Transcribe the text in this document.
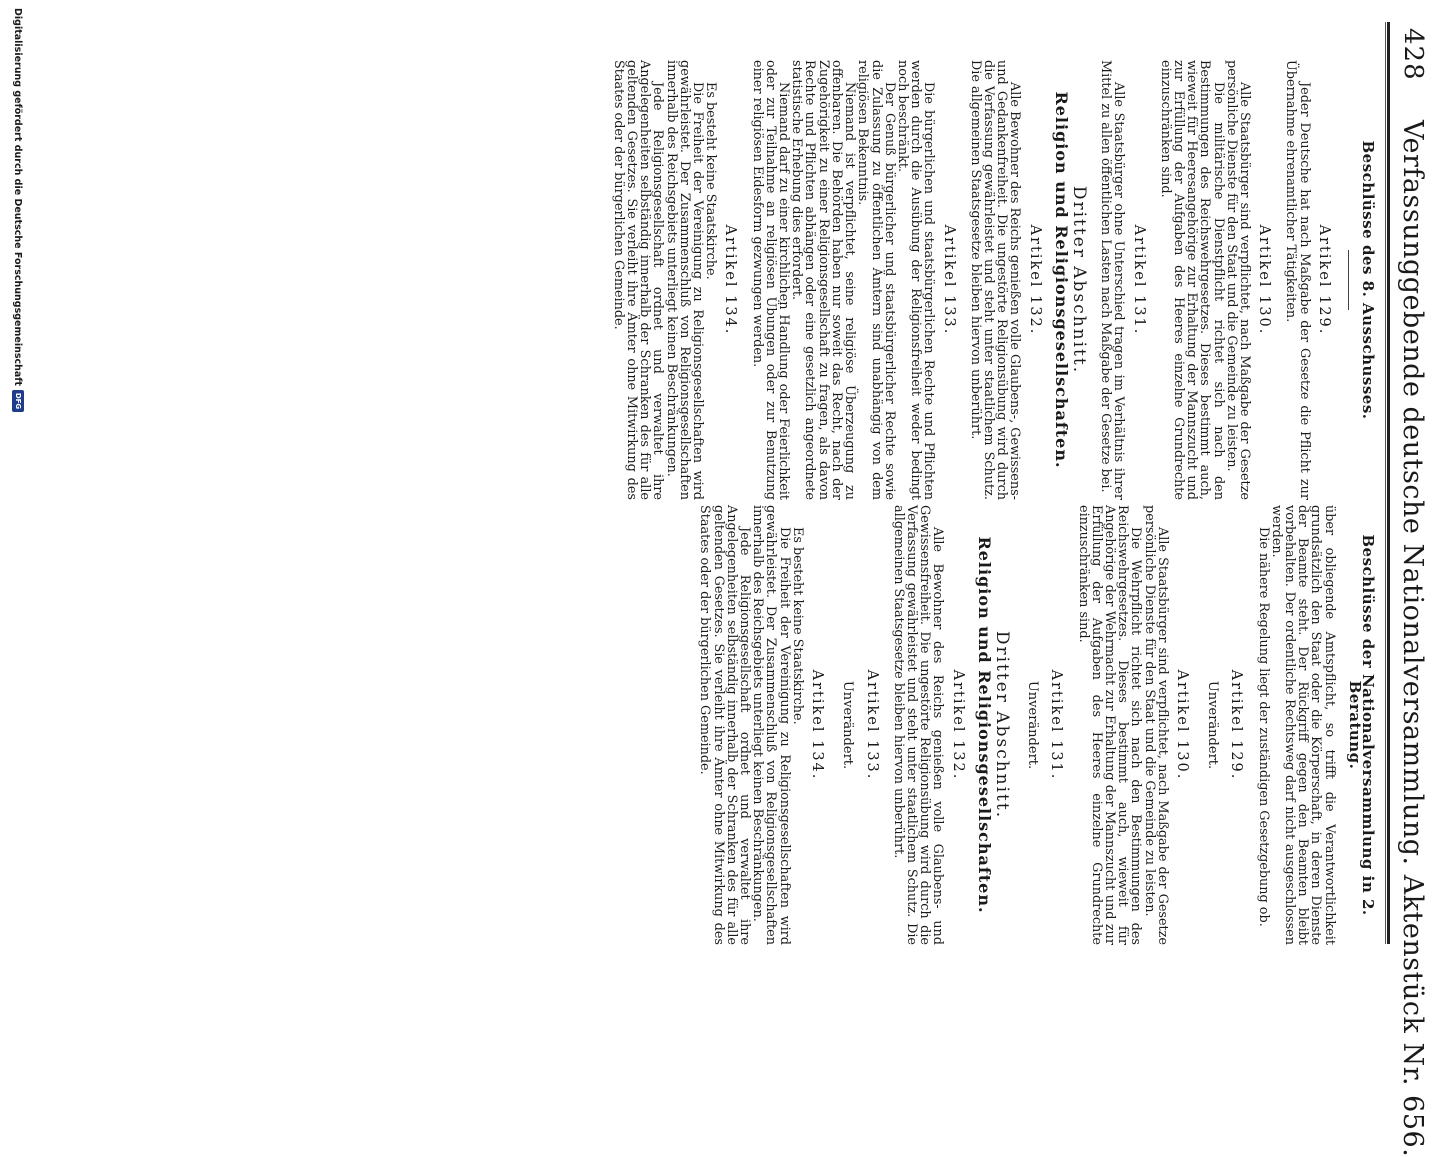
428
Verfassunggebende deutsche Nationalversammlung. Aktenstück Nr. 656.
Beschlüsse des 8. Ausschusses.
Artikel 129.

Jeder Deutsche hat nach Maßgabe der Gesetze die Pflicht zur Übernahme ehrenamtlicher Tätigkeiten.

Artikel 130.

Alle Staatsbürger sind verpflichtet, nach Maßgabe der Gesetze persönliche Dienste für den Staat und die Gemeinde zu leisten.

Die militärische Dienstpflicht richtet sich nach den Bestimmungen des Reichswehrgesetzes. Dieses bestimmt auch, wieweit für Heeresangehörige zur Erhaltung der Mannszucht und zur Erfüllung der Aufgaben des Heeres einzelne Grundrechte einzuschränken sind.

Artikel 131.

Alle Staatsbürger ohne Unterschied tragen im Verhältnis ihrer Mittel zu allen öffentlichen Lasten nach Maßgabe der Gesetze bei.

Dritter Abschnitt.
Religion und Religionsgesellschaften.
Artikel 132.

Alle Bewohner des Reichs genießen volle Glaubens-, Gewissens- und Gedankenfreiheit. Die ungestörte Religionsübung wird durch die Verfassung gewährleistet und steht unter staatlichem Schutz. Die allgemeinen Staatsgesetze bleiben hiervon unberührt.

Artikel 133.

Die bürgerlichen und staatsbürgerlichen Rechte und Pflichten werden durch die Ausübung der Religionsfreiheit weder bedingt noch beschränkt.

Der Genuß bürgerlicher und staatsbürgerlicher Rechte sowie die Zulassung zu öffentlichen Ämtern sind unabhängig von dem religiösen Bekenntnis.

Niemand ist verpflichtet, seine religiöse Überzeugung zu offenbaren. Die Behörden haben nur soweit das Recht, nach der Zugehörigkeit zu einer Religionsgesellschaft zu fragen, als davon Rechte und Pflichten abhängen oder eine gesetzlich angeordnete statistische Erhebung dies erfordert.

Niemand darf zu einer kirchlichen Handlung oder Feierlichkeit oder zur Teilnahme an religiösen Übungen oder zur Benutzung einer religiösen Eidesform gezwungen werden.

Artikel 134.

Es besteht keine Staatskirche.

Die Freiheit der Vereinigung zu Religionsgesellschaften wird gewährleistet. Der Zusammenschluß von Religionsgesellschaften innerhalb des Reichsgebiets unterliegt keinen Beschränkungen.

Jede Religionsgesellschaft ordnet und verwaltet ihre Angelegenheiten selbständig innerhalb der Schranken des für alle geltenden Gesetzes. Sie verleiht ihre Ämter ohne Mitwirkung des Staates oder der bürgerlichen Gemeinde.

Beschlüsse der Nationalversammlung in 2. Beratung.

über obliegende Amtspflicht, so trifft die Verantwortlichkeit grundsätzlich den Staat oder die Körperschaft, in deren Dienste der Beamte steht. Der Rückgriff gegen den Beamten bleibt vorbehalten. Der ordentliche Rechtsweg darf nicht ausgeschlossen werden.

Die nähere Regelung liegt der zuständigen Gesetzgebung ob.

Artikel 129.
Unverändert.
Artikel 130.

Alle Staatsbürger sind verpflichtet, nach Maßgabe der Gesetze persönliche Dienste für den Staat und die Gemeinde zu leisten.

Die Wehrpflicht richtet sich nach den Bestimmungen des Reichswehrgesetzes. Dieses bestimmt auch, wieweit für Angehörige der Wehrmacht zur Erhaltung der Mannszucht und zur Erfüllung der Aufgaben des Heeres einzelne Grundrechte einzuschränken sind.

Artikel 131.
Unverändert.
Dritter Abschnitt.
Religion und Religionsgesellschaften.
Artikel 132.

Alle Bewohner des Reichs genießen volle Glaubens- und Gewissensfreiheit. Die ungestörte Religionsübung wird durch die Verfassung gewährleistet und steht unter staatlichem Schutz. Die allgemeinen Staatsgesetze bleiben hiervon unberührt.

Artikel 133.
Unverändert.
Artikel 134.

Es besteht keine Staatskirche.

Die Freiheit der Vereinigung zu Religionsgesellschaften wird gewährleistet. Der Zusammenschluß von Religionsgesellschaften innerhalb des Reichsgebiets unterliegt keinen Beschränkungen.

Jede Religionsgesellschaft ordnet und verwaltet ihre Angelegenheiten selbständig innerhalb der Schranken des für alle geltenden Gesetzes. Sie verleiht ihre Ämter ohne Mitwirkung des Staates oder der bürgerlichen Gemeinde.

Digitalisierung gefördert durch die Deutsche Forschungsgemeinschaft
DFG
